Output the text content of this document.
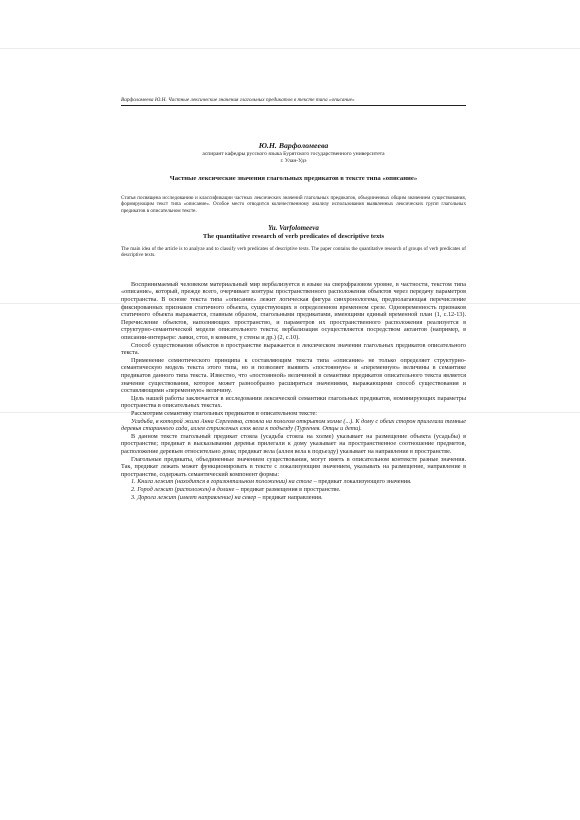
Варфоломеева Ю.Н. Частные лексические значения глагольных предикатов в тексте типа «описание»
Ю.Н. Варфоломеева
аспирант кафедры русского языка Бурятского государственного университета
г. Улан-Удэ
Частные лексические значения глагольных предикатов в тексте типа «описание»
Статья посвящена исследованию и классификации частных лексических значений глагольных предикатов, объединенных общим значением существования, формирующим текст типа «описание». Особое место отводится количественному анализу использования выявленных лексических групп глагольных предикатов в описательном тексте.
Yu. Varfolomeeva
The quantitative research of verb predicates of descriptive texts
The main idea of the article is to analyze and to classify verb predicates of descriptive texts. The paper contains the quantitative research of groups of verb predicates of descriptive texts.

Воспринимаемый человеком материальный мир вербализуется в языке на сверхфразовом уровне, в частности, текстом типа «описание», который, прежде всего, очерчивает контуры пространственного расположения объектов через передачу параметров пространства. В основе текста типа «описание» лежит логическая фигура синхронологема, предполагающая перечисление фиксированных признаков статичного объекта, существующих в определенном временном срезе. Одновременность признаков статичного объекта выражается, главным образом, глагольными предикатами, имеющими единый временной план (1, с.12-13). Перечисление объектов, наполняющих пространство, и параметров их пространственного расположения реализуется в структурно-семантической модели описательного текста; вербализация осуществляется посредством актантов (например, в описании-интерьере: лавки, стол, в комнате, у стены и др.) (2, с.10).

Способ существования объектов в пространстве выражается в лексическом значении глагольных предикатов описательного текста.

Применение семиотического принципа к составляющим текста типа «описание» не только определяет структурно-семантическую модель текста этого типа, но и позволяет выявить «постоянную» и «переменную» величины в семантике предикатов данного типа текста. Известно, что «постоянной» величиной в семантике предикатов описательного текста является значение существования, которое может разнообразно расширяться значениями, выражающими способ существования и составляющими «переменную» величину.

Цель нашей работы заключается в исследовании лексической семантики глагольных предикатов, номинирующих параметры пространства в описательных текстах.

Рассмотрим семантику глагольных предикатов в описательном тексте:

Усадьба, в которой жила Анна Сергеевна, стояла на пологом открытом холме (...). К дому с обеих сторон прилегали темные деревья старинного сада, аллея стриженых елок вела к подъезду (Тургенев. Отцы и дети).

В данном тексте глагольный предикат стояла (усадьба стояла на холме) указывает на размещение объекта (усадьбы) в пространстве; предикат в высказывании деревья прилегали к дому указывает на пространственное соотношение предметов, расположение деревьев относительно дома; предикат вела (аллея вела к подъезду) указывает на направление в пространстве.

Глагольные предикаты, объединенные значением существования, могут иметь в описательном контексте разные значения. Так, предикат лежать может функционировать в тексте с локализующим значением, указывать на размещение, направление в пространстве, содержать семантический компонент формы:

1. Книга лежит (находится в горизонтальном положении) на столе – предикат локализующего значения.

2. Город лежит (расположен) в долине – предикат размещения в пространстве.

3. Дорога лежит (имеет направление) на север – предикат направления.
